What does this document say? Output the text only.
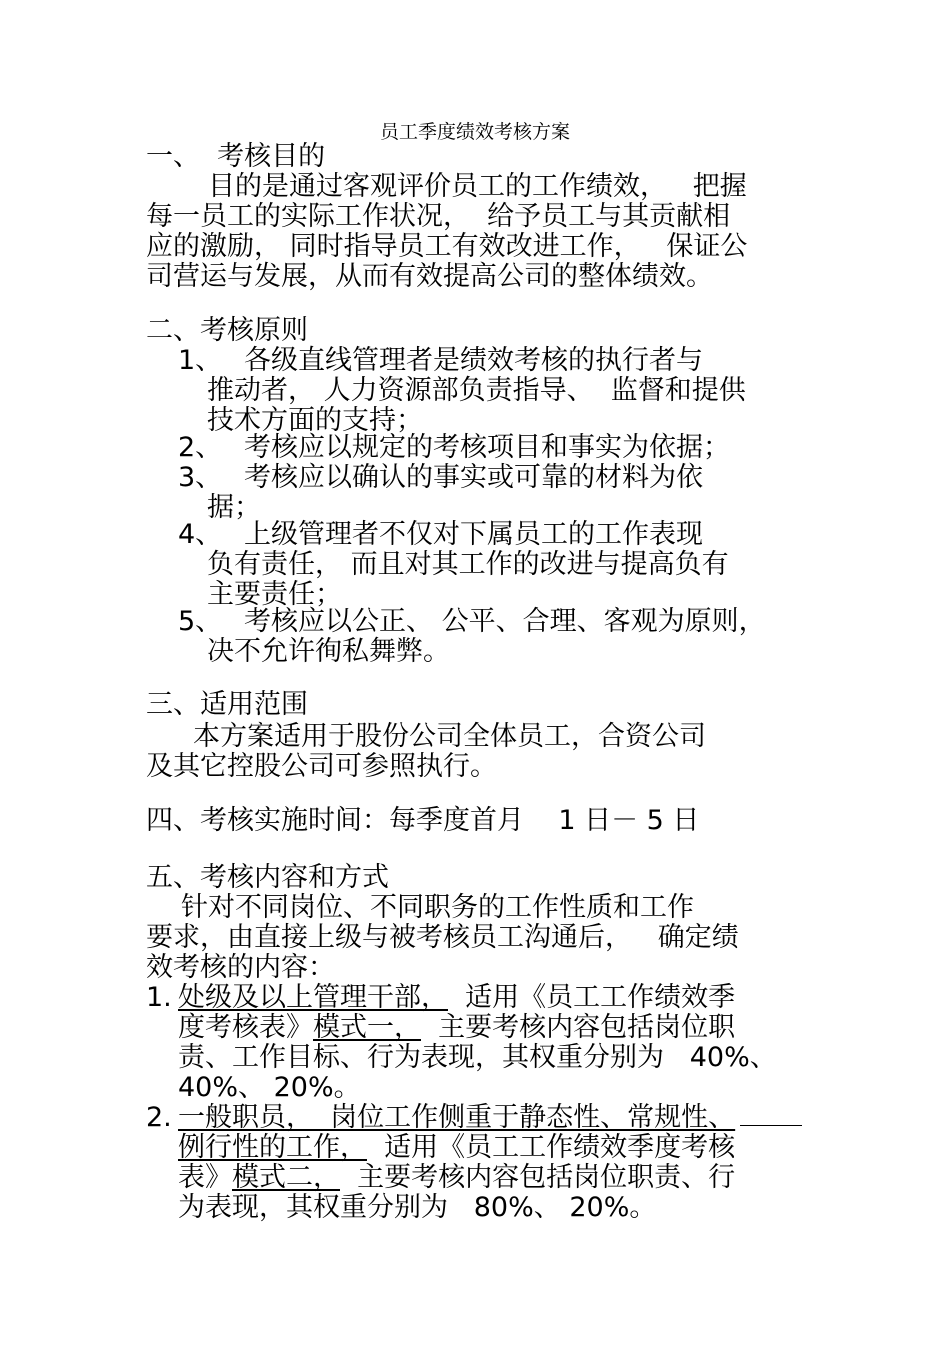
员工季度绩效考核方案
一、  考核目的
目的是通过客观评价员工的工作绩效，   把握
每一员工的实际工作状况，  给予员工与其贡献相
应的激励， 同时指导员工有效改进工作，   保证公
司营运与发展，从而有效提高公司的整体绩效。
二、考核原则
1、 各级直线管理者是绩效考核的执行者与
推动者， 人力资源部负责指导、  监督和提供
技术方面的支持；
2、 考核应以规定的考核项目和事实为依据；
3、 考核应以确认的事实或可靠的材料为依
据；
4、 上级管理者不仅对下属员工的工作表现
负有责任， 而且对其工作的改进与提高负有
主要责任；
5、 考核应以公正、 公平、合理、客观为原则，
决不允许徇私舞弊。
三、适用范围
本方案适用于股份公司全体员工，合资公司
及其它控股公司可参照执行。
四、考核实施时间：每季度首月    1 日－ 5 日
五、考核内容和方式
针对不同岗位、不同职务的工作性质和工作
要求，由直接上级与被考核员工沟通后，   确定绩
效考核的内容：
1. 处级及以上管理干部，  适用《员工工作绩效季
度考核表》模式一，  主要考核内容包括岗位职
责、工作目标、行为表现，其权重分别为   40%、
40%、 20%。
2. 一般职员，  岗位工作侧重于静态性、常规性、
例行性的工作，  适用《员工工作绩效季度考核
表》模式二，  主要考核内容包括岗位职责、行
为表现，其权重分别为   80%、 20%。
